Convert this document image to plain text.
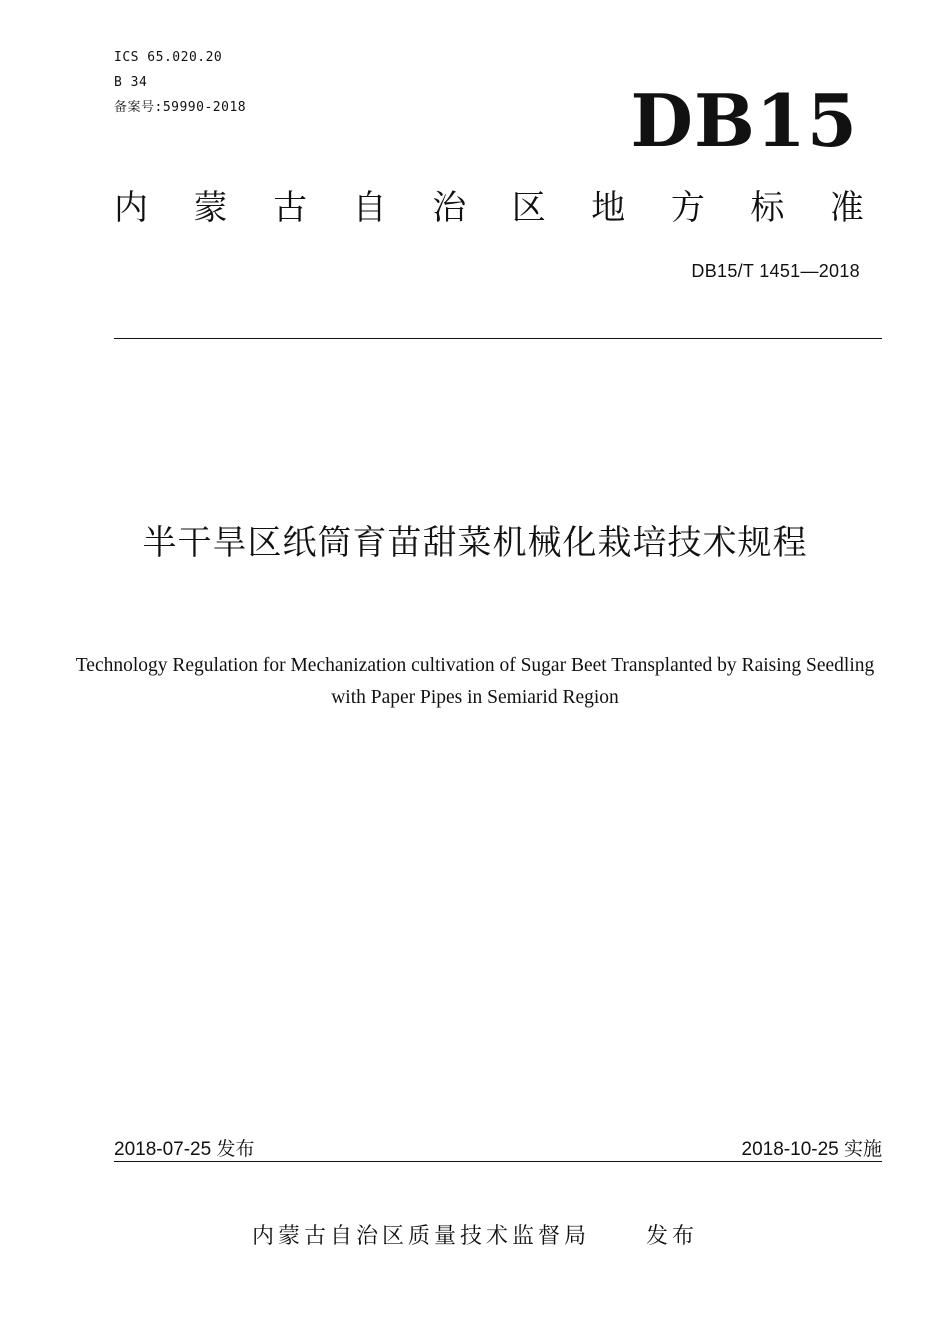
ICS 65.020.20
B 34
备案号:59990-2018	DB15
内 蒙 古 自 治 区 地 方 标 准
DB15/T 1451—2018
半干旱区纸筒育苗甜菜机械化栽培技术规程
Technology Regulation for Mechanization cultivation of Sugar Beet Transplanted by Raising Seedling with Paper Pipes in Semiarid Region
2018-07-25 发布	2018-10-25 实施
内蒙古自治区质量技术监督局	发布
